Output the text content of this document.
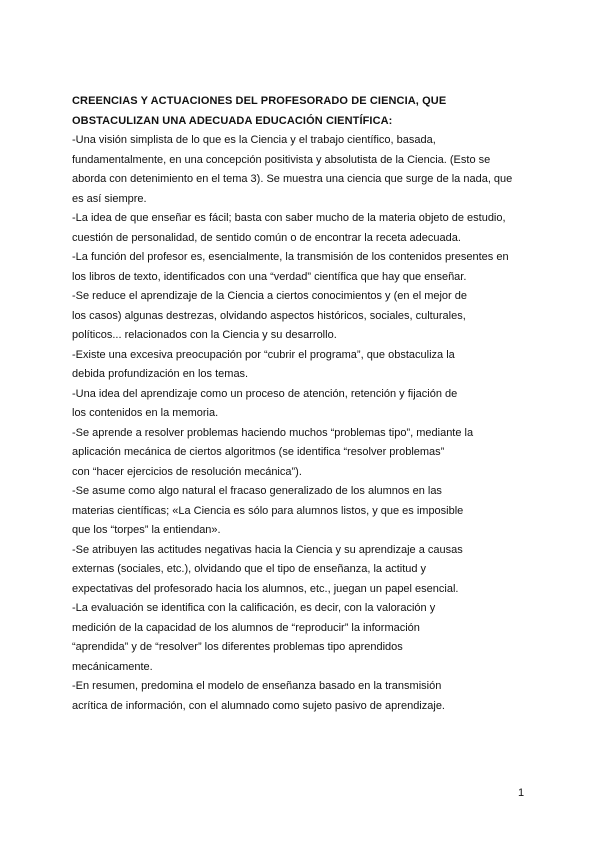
CREENCIAS Y ACTUACIONES DEL PROFESORADO DE CIENCIA, QUE
OBSTACULIZAN UNA ADECUADA EDUCACIÓN CIENTÍFICA:
-Una visión simplista de lo que es la Ciencia y el trabajo científico, basada,
fundamentalmente, en una concepción positivista y absolutista de la Ciencia. (Esto se
aborda con detenimiento en el tema 3). Se muestra una ciencia que surge de la nada, que
es así siempre.
-La idea de que enseñar es fácil; basta con saber mucho de la materia objeto de estudio,
cuestión de personalidad, de sentido común o de encontrar la receta adecuada.
-La función del profesor es, esencialmente, la transmisión de los contenidos presentes en
los libros de texto, identificados con una “verdad” científica que hay que enseñar.
-Se reduce el aprendizaje de la Ciencia a ciertos conocimientos y (en el mejor de
los casos) algunas destrezas, olvidando aspectos históricos, sociales, culturales,
políticos... relacionados con la Ciencia y su desarrollo.
-Existe una excesiva preocupación por “cubrir el programa”, que obstaculiza la
debida profundización en los temas.
-Una idea del aprendizaje como un proceso de atención, retención y fijación de
los contenidos en la memoria.
-Se aprende a resolver problemas haciendo muchos “problemas tipo”, mediante la
aplicación mecánica de ciertos algoritmos (se identifica “resolver problemas”
con “hacer ejercicios de resolución mecánica”).
-Se asume como algo natural el fracaso generalizado de los alumnos en las
materias científicas; «La Ciencia es sólo para alumnos listos, y que es imposible
que los “torpes” la entiendan».
-Se atribuyen las actitudes negativas hacia la Ciencia y su aprendizaje a causas
externas (sociales, etc.), olvidando que el tipo de enseñanza, la actitud y
expectativas del profesorado hacia los alumnos, etc., juegan un papel esencial.
-La evaluación se identifica con la calificación, es decir, con la valoración y
medición de la capacidad de los alumnos de “reproducir” la información
“aprendida” y de “resolver” los diferentes problemas tipo aprendidos
mecánicamente.
-En resumen, predomina el modelo de enseñanza basado en la transmisión
acrítica de información, con el alumnado como sujeto pasivo de aprendizaje.
1
